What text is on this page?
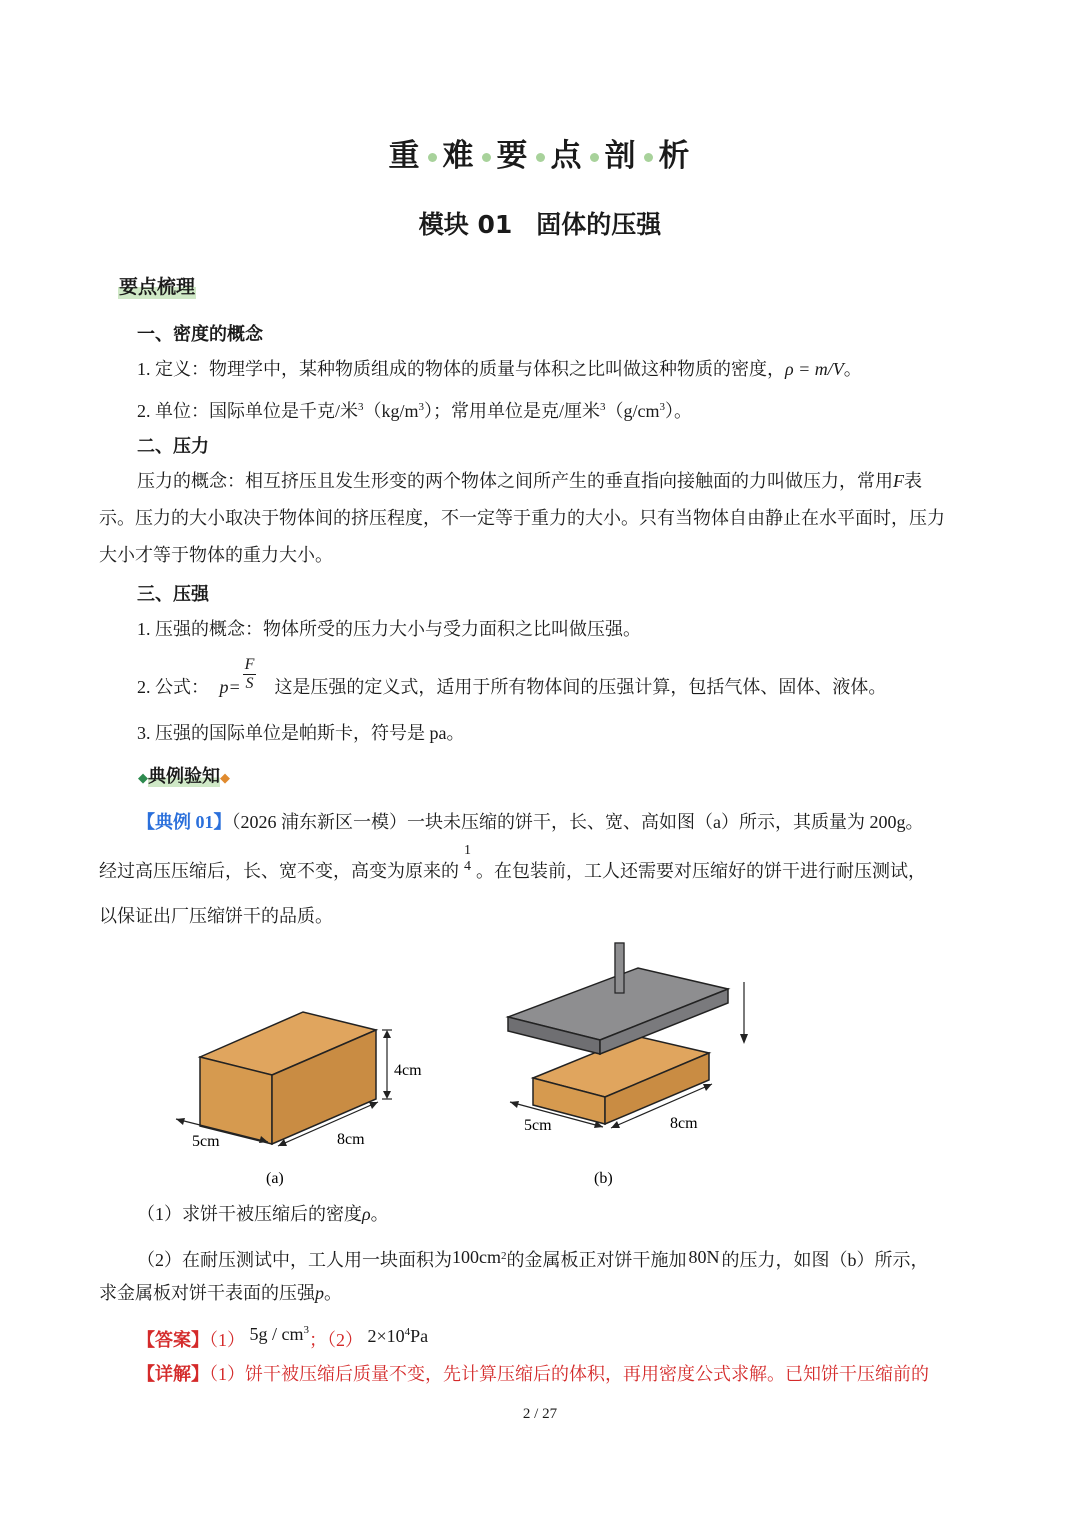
重 难 要 点 剖 析
模块 01 固体的压强
要点梳理
一、密度的概念
1. 定义：物理学中，某种物质组成的物体的质量与体积之比叫做这种物质的密度，ρ = m/V。
2. 单位：国际单位是千克/米$^3(kg/m^3)$；常用单位是克/厘米$^3(g/cm^3)$。
二、压力
压力的概念：相互挤压且发生形变的两个物体之间所产生的垂直指向接触面的力叫做压力，常用F表
示。压力的大小取决于物体间的挤压程度，不一定等于重力的大小。只有当物体自由静止在水平面时，压力
大小才等于物体的重力大小。
三、压强
1. 压强的概念：物体所受的压力大小与受力面积之比叫做压强。
2. 公式： $p= \frac{F}{S}$ 这是压强的定义式，适用于所有物体间的压强计算，包括气体、固体、液体。
3. 压强的国际单位是帕斯卡，符号是 pa。
◆典例验知◆
【典例 01】（2026 浦东新区一模）一块未压缩的饼干，长、宽、高如图（a）所示，其质量为 200g。
经过高压压缩后，长、宽不变，高变为原来的
1
4 。在包装前，工人还需要对压缩好的饼干进行耐压测试，
以保证出厂压缩饼干的品质。
4cm
5cm	8cm
(a)
5cm	8cm
(b)
（1）求饼干被压缩后的密度ρ。
（2）在耐压测试中，工人用一块面积为$100cm^2$的金属板正对饼干施加 80N 的压力，如图（b）所示，
求金属板对饼干表面的压强p。
【答案】（1） $5g / cm^3$；（2） $2\times 10^4Pa$
【详解】（1）饼干被压缩后质量不变，先计算压缩后的体积，再用密度公式求解。已知饼干压缩前的
2 / 27
